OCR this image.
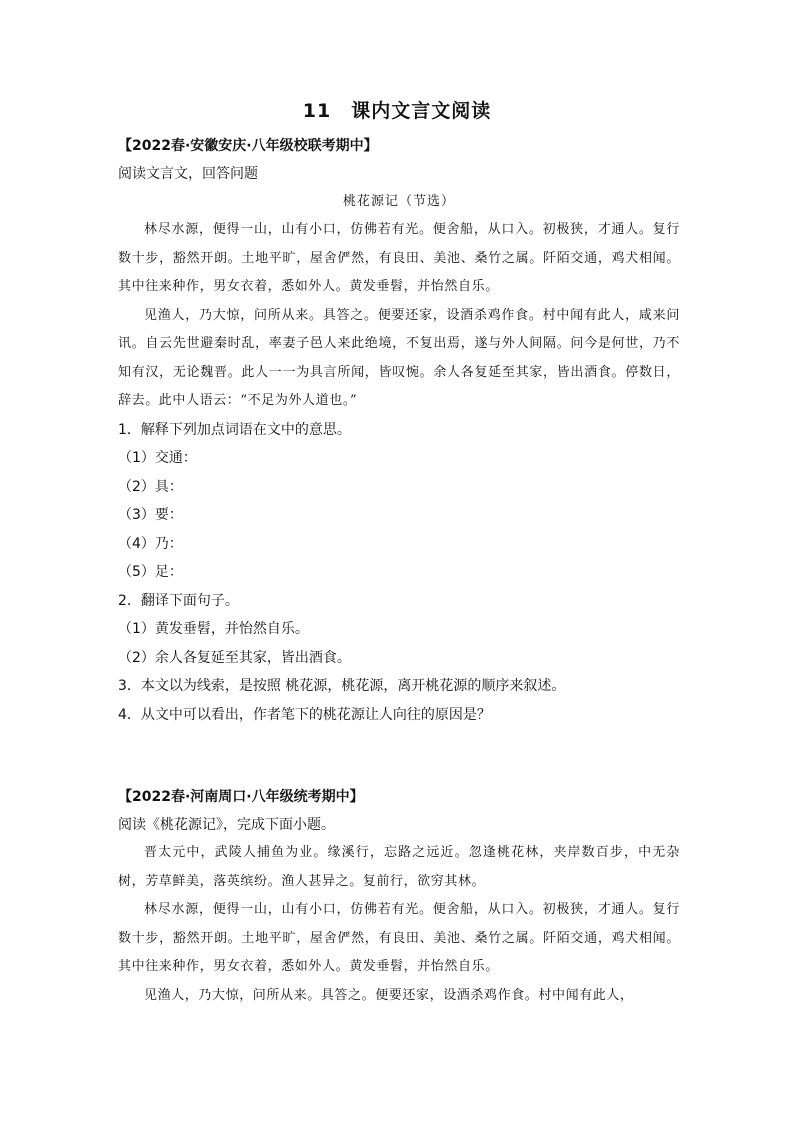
11　课内文言文阅读
【2022春·安徽安庆·八年级校联考期中】
阅读文言文，回答问题
桃花源记（节选）

林尽水源，便得一山，山有小口，仿佛若有光。便舍船，从口入。初极狭，才通人。复行数十步，豁然开朗。土地平旷，屋舍俨然，有良田、美池、桑竹之属。阡陌交通，鸡犬相闻。其中往来种作，男女衣着，悉如外人。黄发垂髫，并怡然自乐。

见渔人，乃大惊，问所从来。具答之。便要还家，设酒杀鸡作食。村中闻有此人，咸来问讯。自云先世避秦时乱，率妻子邑人来此绝境，不复出焉，遂与外人间隔。问今是何世，乃不知有汉，无论魏晋。此人一一为具言所闻，皆叹惋。余人各复延至其家，皆出酒食。停数日，辞去。此中人语云：“不足为外人道也。”

1．解释下列加点词语在文中的意思。
（1）交通：
（2）具：
（3）要：
（4）乃：
（5）足：
2．翻译下面句子。
（1）黄发垂髫，并怡然自乐。
（2）余人各复延至其家，皆出酒食。
3．本文以为线索，是按照 桃花源，桃花源，离开桃花源的顺序来叙述。
4．从文中可以看出，作者笔下的桃花源让人向往的原因是？
【2022春·河南周口·八年级统考期中】
阅读《桃花源记》，完成下面小题。

晋太元中，武陵人捕鱼为业。缘溪行，忘路之远近。忽逢桃花林，夹岸数百步，中无杂树，芳草鲜美，落英缤纷。渔人甚异之。复前行，欲穷其林。

林尽水源，便得一山，山有小口，仿佛若有光。便舍船，从口入。初极狭，才通人。复行数十步，豁然开朗。土地平旷，屋舍俨然，有良田、美池、桑竹之属。阡陌交通，鸡犬相闻。其中往来种作，男女衣着，悉如外人。黄发垂髫，并怡然自乐。

见渔人，乃大惊，问所从来。具答之。便要还家，设酒杀鸡作食。村中闻有此人，
